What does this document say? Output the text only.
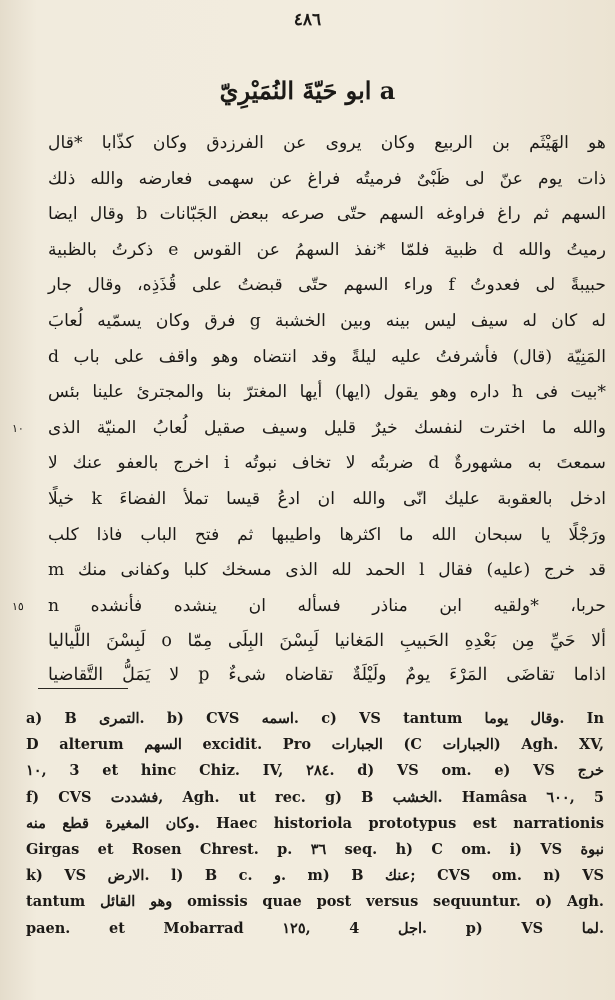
٤٨٦
ابو حَيّةَ النُمَيْرِيّ a
هو الهَيْثَم بن الربيع وكان يروى عن الفرزدق وكان كذّابا *قال
ذات يوم عنّ لى ظَبْىٌ فرميتُه فراغ عن سهمى فعارضه والله ذلك
السهم ثم راغ فراوغه السهم حتّى صرعه ببعض الجَبّانات b وقال ايضا
رميتُ والله d ظبية فلمّا *نفذ السهمُ عن القوس e ذكرتُ بالظبية
حبيبةً لى فعدوتُ f وراء السهم حتّى قبضتُ على قُذَذِه، وقال جار
له كان له سيف ليس بينه وبين الخشبة g فرق وكان يسمّيه لُعابَ
المَنِيّة (قال) فأشرفتُ عليه ليلةً وقد انتضاه وهو واقف على باب d
*بيت فى h داره وهو يقول (ايها) أيها المغترّ بنا والمجترئ علينا بئس
١٠	والله ما اخترت لنفسك خيرٌ قليل وسيف صقيل لُعابُ المنيّة الذى
سمعتَ به مشهورةٌ d ضربتُه لا تخاف نبوتُه i اخرج بالعفو عنك لا
ادخل بالعقوبة عليك انّى والله ان ادعُ قيسا تملأ الفضاءَ k خيلًا
ورَجْلًا يا سبحان الله ما اكثرها واطيبها ثم فتح الباب فاذا كلب
قد خرج (عليه) فقال l الحمد لله الذى مسخك كلبا وكفانى منك m
١٥	حربا، *ولقيه ابن مناذر فسأله ان ينشده فأنشده n
ألا حَيِّ مِن بَعْدِهِ الحَبيبِ المَغانيا لَبِسْنَ البِلَى مِمّا o لَبِسْنَ اللَّياليا
اذاما تقاضَى المَرْءَ يومٌ ولَيْلَةٌ تقاضاه شىءٌ p لا يَمَلُّ التَّقاضيا
a) B التمرى. b) CVS اسمه. c) VS tantum وقال يوما. In
D alterum السهم excidit. Pro الجبارات (C الجبارات) Agh. XV,
١٠, 3 et hinc Chiz. IV, ٢٨٤. d) VS om. e) VS خرج
f) CVS فشددت, Agh. ut rec. g) B الخشب. Hamâsa ٦٠٠, 5
وكان المغيرة قطع منه. Haec historiola prototypus est narrationis
Girgas et Rosen Chrest. p. ٣٦ seq. h) C om. i) VS نبوة
k) VS الارض. l) B c. و. m) B عنك; CVS om. n) VS
tantum وهو القائل omissis quae post versus sequuntur. o) Agh.
paen. et Mobarrad ١٢٥, 4 اجل. p) VS لما.
